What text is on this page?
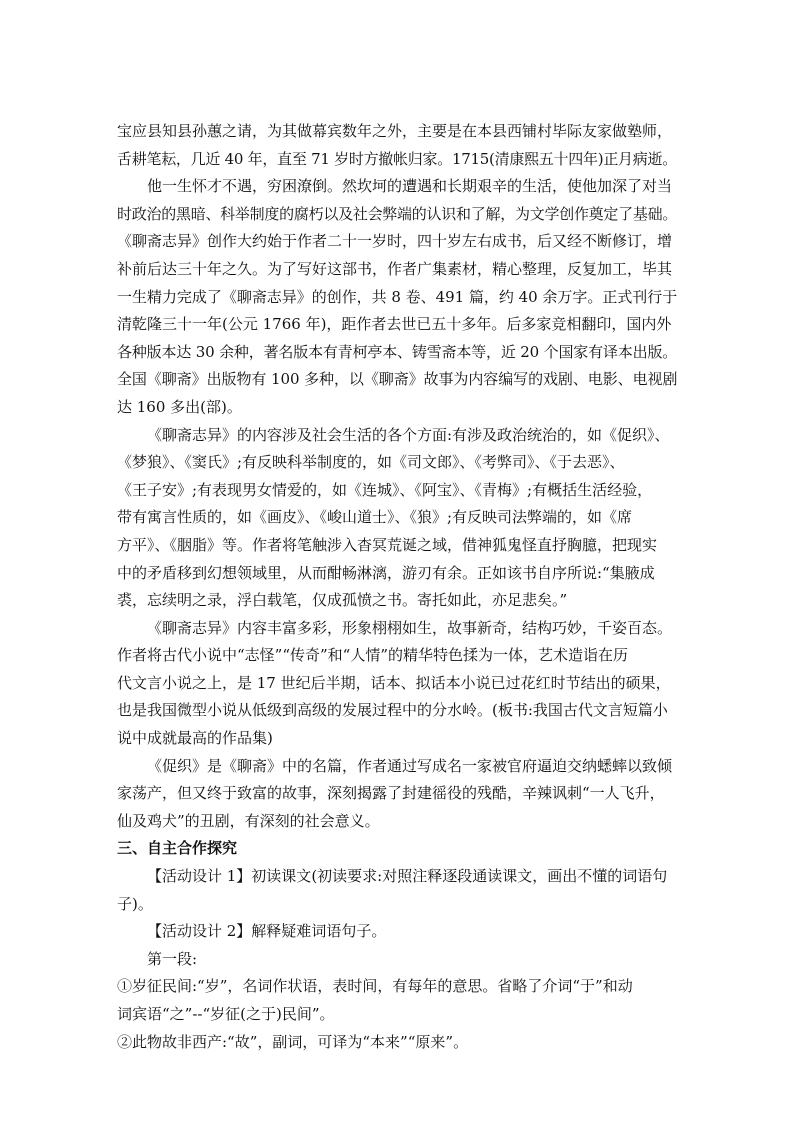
宝应县知县孙蕙之请，为其做幕宾数年之外，主要是在本县西铺村毕际友家做塾师，
舌耕笔耘，几近 40 年，直至 71 岁时方撤帐归家。1715(清康熙五十四年)正月病逝。
他一生怀才不遇，穷困潦倒。然坎坷的遭遇和长期艰辛的生活，使他加深了对当
时政治的黑暗、科举制度的腐朽以及社会弊端的认识和了解，为文学创作奠定了基础。
《聊斋志异》创作大约始于作者二十一岁时，四十岁左右成书，后又经不断修订，增
补前后达三十年之久。为了写好这部书，作者广集素材，精心整理，反复加工，毕其
一生精力完成了《聊斋志异》的创作，共 8 卷、491 篇，约 40 余万字。正式刊行于
清乾隆三十一年(公元 1766 年)，距作者去世已五十多年。后多家竞相翻印，国内外
各种版本达 30 余种，著名版本有青柯亭本、铸雪斋本等，近 20 个国家有译本出版。
全国《聊斋》出版物有 100 多种，以《聊斋》故事为内容编写的戏剧、电影、电视剧
达 160 多出(部)。
《聊斋志异》的内容涉及社会生活的各个方面:有涉及政治统治的，如《促织》、
《梦狼》、《窦氏》;有反映科举制度的，如《司文郎》、《考弊司》、《于去恶》、
《王子安》;有表现男女情爱的，如《连城》、《阿宝》、《青梅》;有概括生活经验，
带有寓言性质的，如《画皮》、《峻山道士》、《狼》;有反映司法弊端的，如《席
方平》、《胭脂》等。作者将笔触涉入杳冥荒诞之域，借神狐鬼怪直抒胸臆，把现实
中的矛盾移到幻想领域里，从而酣畅淋漓，游刃有余。正如该书自序所说:“集腋成
裘，忘续明之录，浮白载笔，仅成孤愤之书。寄托如此，亦足悲矣。”
《聊斋志异》内容丰富多彩，形象栩栩如生，故事新奇，结构巧妙，千姿百态。
作者将古代小说中“志怪”“传奇”和“人情”的精华特色揉为一体，艺术造诣在历
代文言小说之上，是 17 世纪后半期，话本、拟话本小说已过花红时节结出的硕果，
也是我国微型小说从低级到高级的发展过程中的分水岭。(板书:我国古代文言短篇小
说中成就最高的作品集)
《促织》是《聊斋》中的名篇，作者通过写成名一家被官府逼迫交纳蟋蟀以致倾
家荡产，但又终于致富的故事，深刻揭露了封建徭役的残酷，辛辣讽刺“一人飞升，
仙及鸡犬”的丑剧，有深刻的社会意义。
三、自主合作探究
【活动设计 1】初读课文(初读要求:对照注释逐段通读课文，画出不懂的词语句
子)。
【活动设计 2】解释疑难词语句子。
第一段:
①岁征民间:“岁”，名词作状语，表时间，有每年的意思。省略了介词“于”和动
词宾语“之”--“岁征(之于)民间”。
②此物故非西产:“故”，副词，可译为“本来”“原来”。
